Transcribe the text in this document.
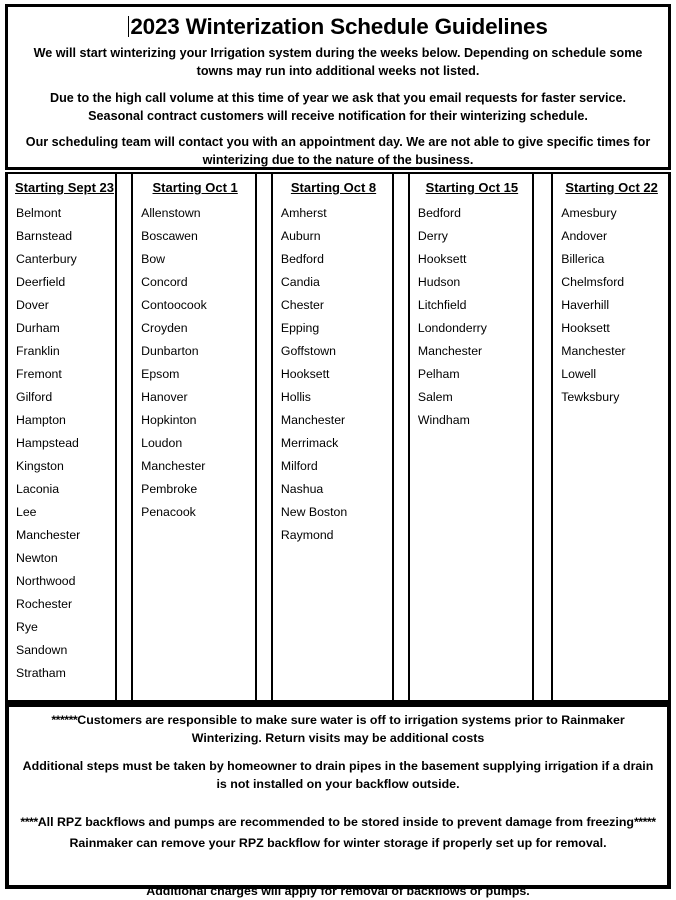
2023 Winterization Schedule Guidelines

We will start winterizing your Irrigation system during the weeks below. Depending on schedule some towns may run into additional weeks not listed.

Due to the high call volume at this time of year we ask that you email requests for faster service. Seasonal contract customers will receive notification for their winterizing schedule.

Our scheduling team will contact you with an appointment day. We are not able to give specific times for winterizing due to the nature of the business.

Starting Sept 23
Belmont
Barnstead
Canterbury
Deerfield
Dover
Durham
Franklin
Fremont
Gilford
Hampton
Hampstead
Kingston
Laconia
Lee
Manchester
Newton
Northwood
Rochester
Rye
Sandown
Stratham
Starting Oct 1
Allenstown
Boscawen
Bow
Concord
Contoocook
Croyden
Dunbarton
Epsom
Hanover
Hopkinton
Loudon
Manchester
Pembroke
Penacook
Starting Oct 8
Amherst
Auburn
Bedford
Candia
Chester
Epping
Goffstown
Hooksett
Hollis
Manchester
Merrimack
Milford
Nashua
New Boston
Raymond
Starting Oct 15
Bedford
Derry
Hooksett
Hudson
Litchfield
Londonderry
Manchester
Pelham
Salem
Windham
Starting Oct 22
Amesbury
Andover
Billerica
Chelmsford
Haverhill
Hooksett
Manchester
Lowell
Tewksbury

******Customers are responsible to make sure water is off to irrigation systems prior to Rainmaker Winterizing. Return visits may be additional costs

Additional steps must be taken by homeowner to drain pipes in the basement supplying irrigation if a drain is not installed on your backflow outside.

****All RPZ backflows and pumps are recommended to be stored inside to prevent damage from freezing*****

Rainmaker can remove your RPZ backflow for winter storage if properly set up for removal.

Additional charges will apply for removal of backflows or pumps.
